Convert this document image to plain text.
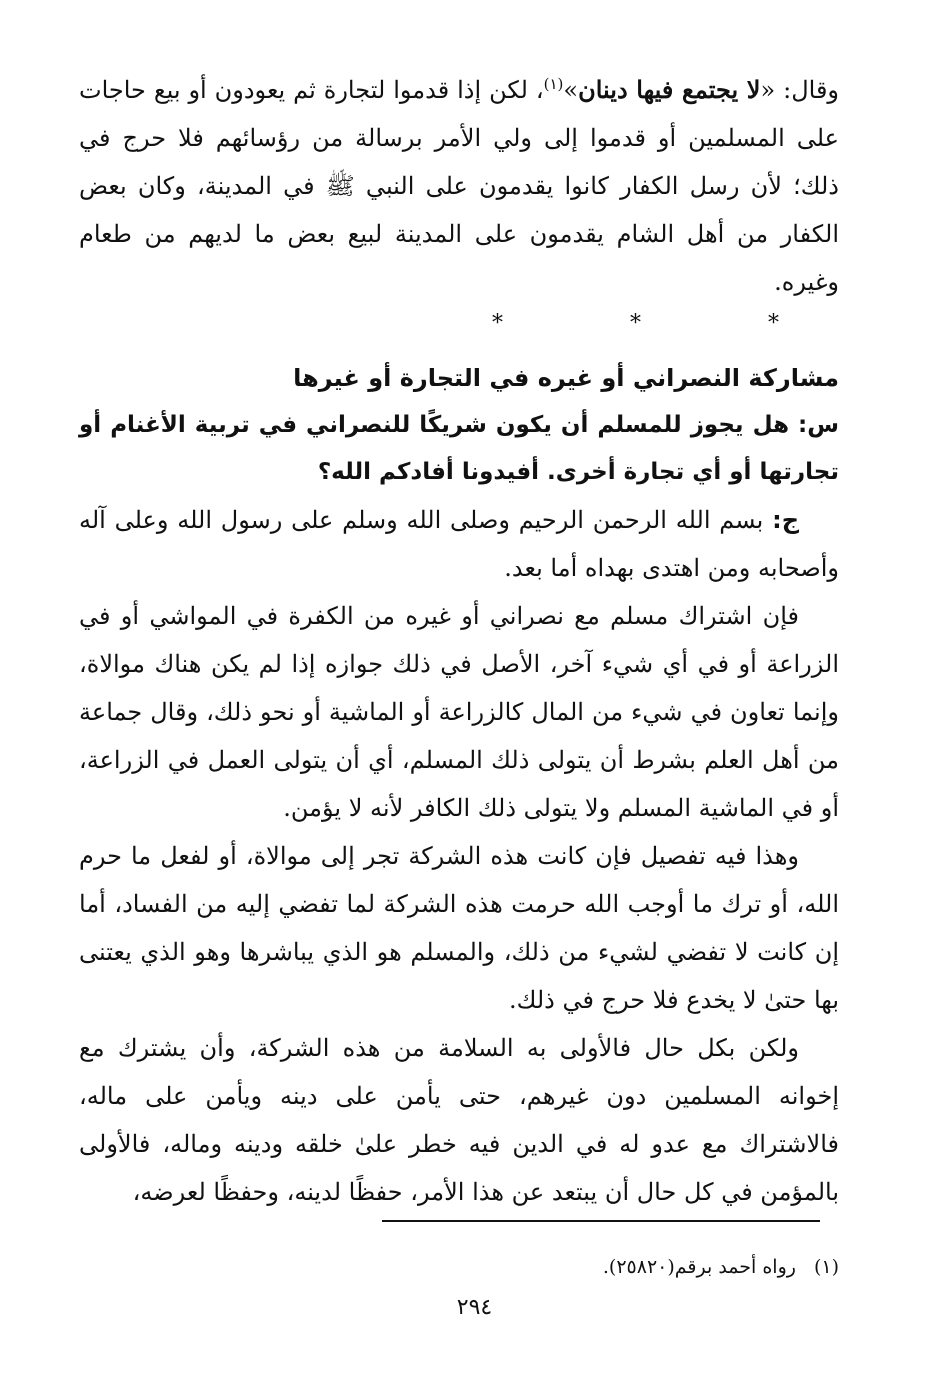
وقال: «لا يجتمع فيها دينان»$^{(١)}$، لكن إذا قدموا لتجارة ثم يعودون أو بيع حاجات على المسلمين أو قدموا إلى ولي الأمر برسالة من رؤسائهم فلا حرج في ذلك؛ لأن رسل الكفار كانوا يقدمون على النبي ﷺ في المدينة، وكان بعض الكفار من أهل الشام يقدمون على المدينة لبيع بعض ما لديهم من طعام وغيره.

* * *
مشاركة النصراني أو غيره في التجارة أو غيرها

س: هل يجوز للمسلم أن يكون شريكًا للنصراني في تربية الأغنام أو تجارتها أو أي تجارة أخرى. أفيدونا أفادكم الله؟

ج: بسم الله الرحمن الرحيم وصلى الله وسلم على رسول الله وعلى آله وأصحابه ومن اهتدى بهداه أما بعد.

فإن اشتراك مسلم مع نصراني أو غيره من الكفرة في المواشي أو في الزراعة أو في أي شيء آخر، الأصل في ذلك جوازه إذا لم يكن هناك موالاة، وإنما تعاون في شيء من المال كالزراعة أو الماشية أو نحو ذلك، وقال جماعة من أهل العلم بشرط أن يتولى ذلك المسلم، أي أن يتولى العمل في الزراعة، أو في الماشية المسلم ولا يتولى ذلك الكافر لأنه لا يؤمن.

وهذا فيه تفصيل فإن كانت هذه الشركة تجر إلى موالاة، أو لفعل ما حرم الله، أو ترك ما أوجب الله حرمت هذه الشركة لما تفضي إليه من الفساد، أما إن كانت لا تفضي لشيء من ذلك، والمسلم هو الذي يباشرها وهو الذي يعتنى بها حتىٰ لا يخدع فلا حرج في ذلك.

ولكن بكل حال فالأولى به السلامة من هذه الشركة، وأن يشترك مع إخوانه المسلمين دون غيرهم، حتى يأمن على دينه ويأمن على ماله، فالاشتراك مع عدو له في الدين فيه خطر علىٰ خلقه ودينه وماله، فالأولى بالمؤمن في كل حال أن يبتعد عن هذا الأمر، حفظًا لدينه، وحفظًا لعرضه،

(١)رواه أحمد برقم(٢٥٨٢٠).
٢٩٤
